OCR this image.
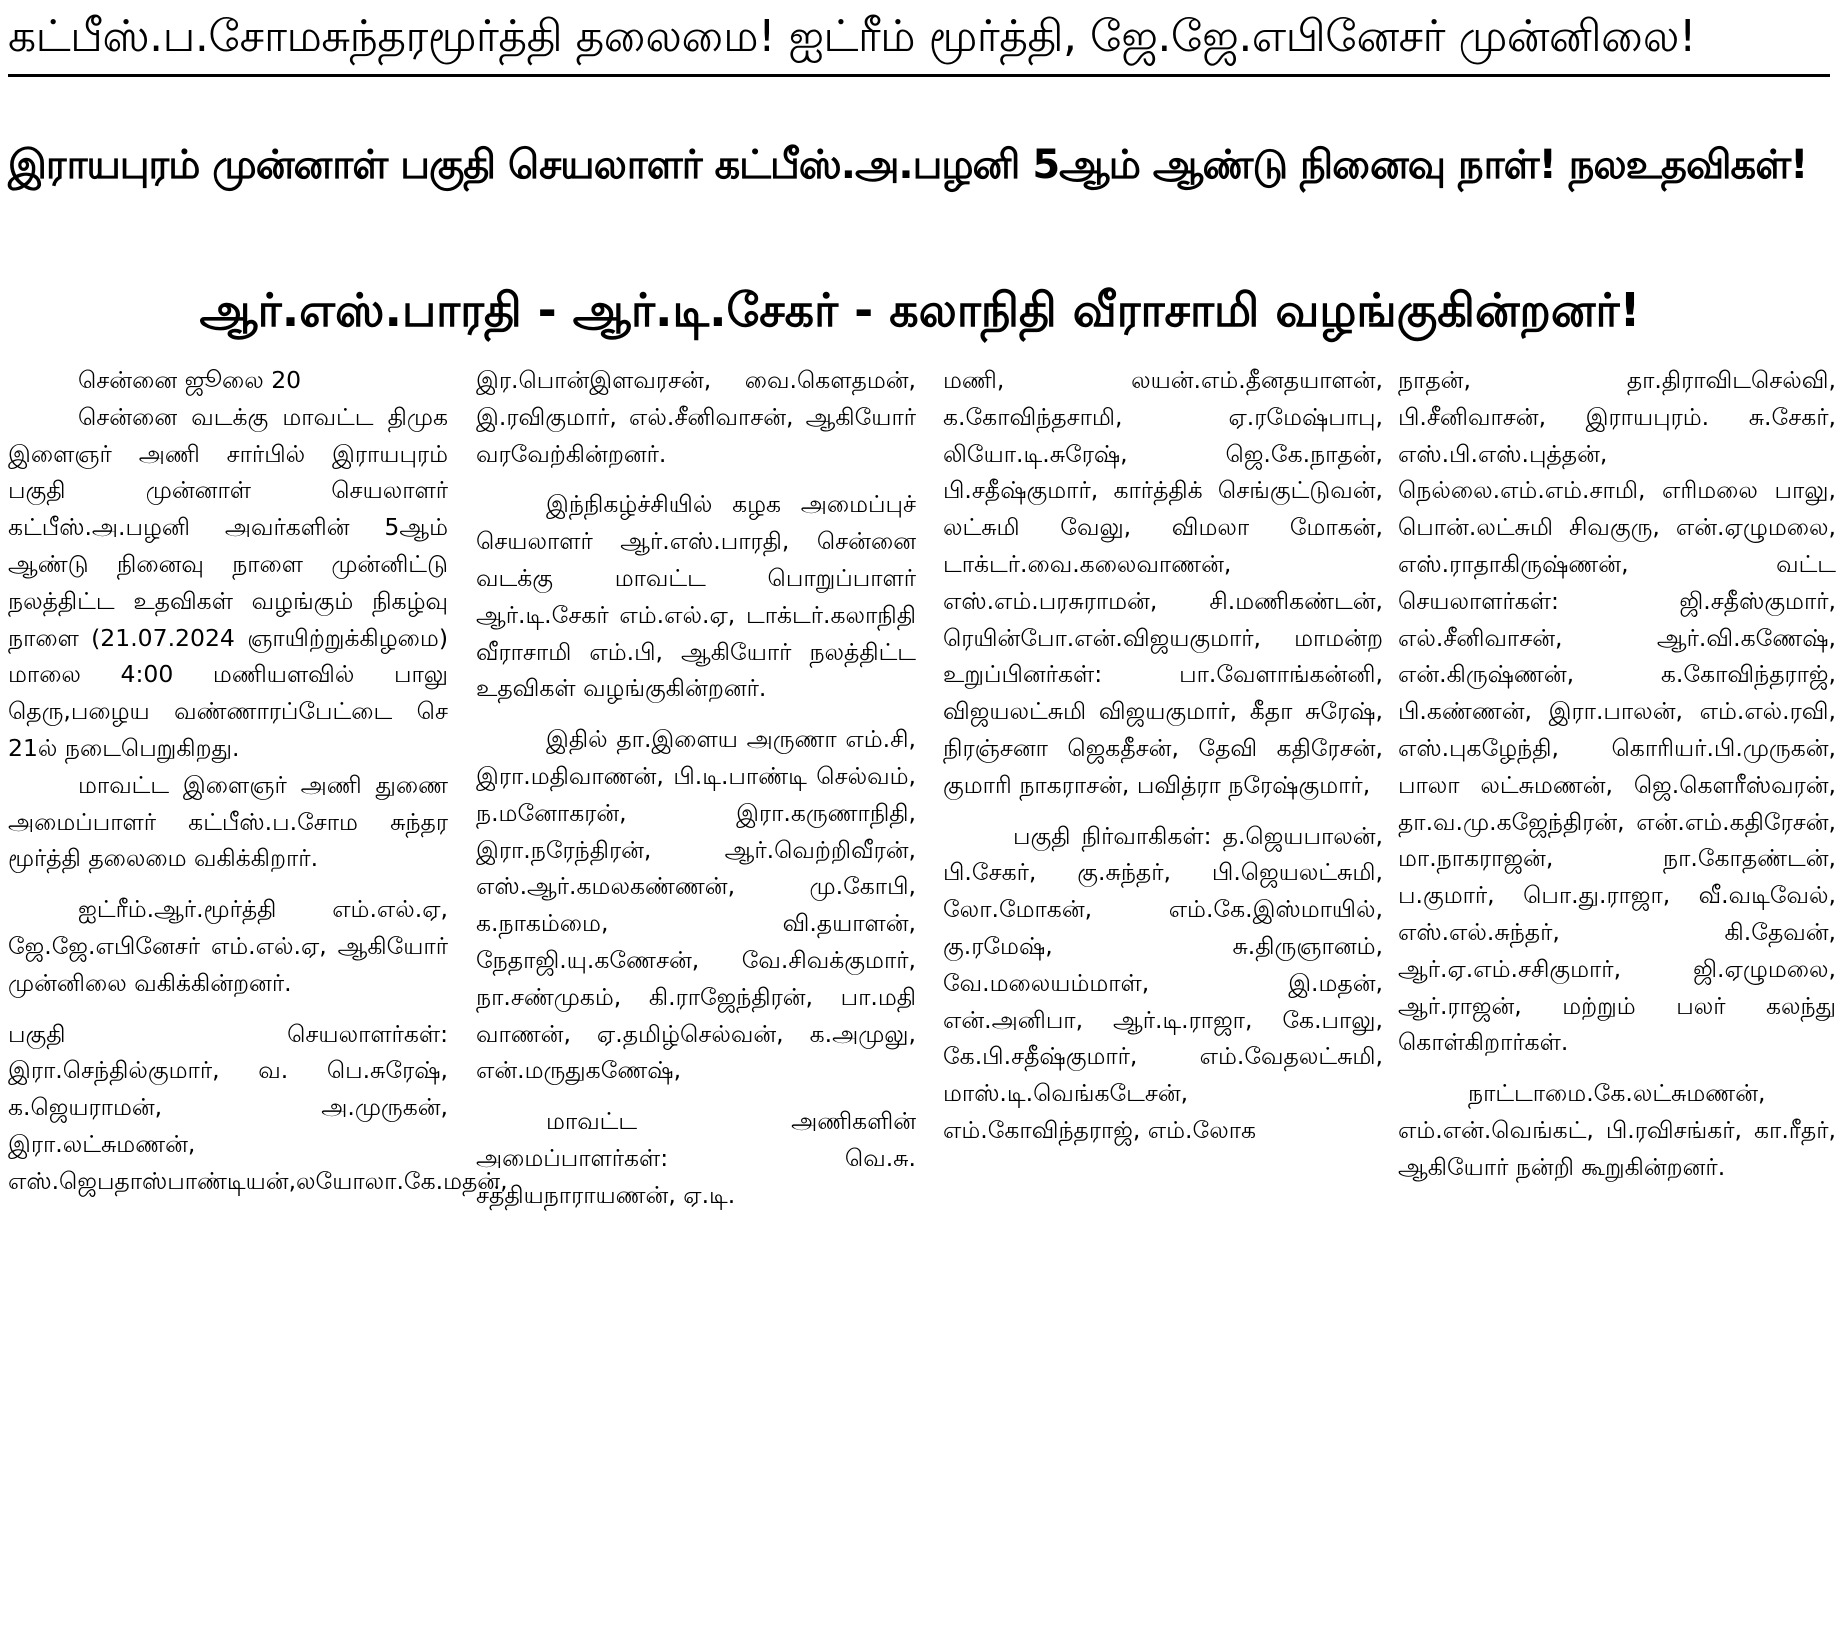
கட்பீஸ்.ப.சோமசுந்தரமூர்த்தி தலைமை! ஐட்ரீம் மூர்த்தி, ஜே.ஜே.எபினேசர் முன்னிலை!
இராயபுரம் முன்னாள் பகுதி செயலாளர் கட்பீஸ்.அ.பழனி 5ஆம் ஆண்டு நினைவு நாள்! நலஉதவிகள்!
ஆர்.எஸ்.பாரதி - ஆர்.டி.சேகர் - கலாநிதி வீராசாமி வழங்குகின்றனர்!

சென்னை ஜூலை 20

சென்னை வடக்கு மாவட்ட திமுக இளைஞர் அணி சார்பில் இராயபுரம் பகுதி முன்னாள் செயலாளர் கட்பீஸ்.அ.பழனி அவர்களின் 5ஆம் ஆண்டு நினைவு நாளை முன்னிட்டு நலத்திட்ட உதவிகள் வழங்கும் நிகழ்வு நாளை (21.07.2024 ஞாயிற்றுக்கிழமை) மாலை 4:00 மணியளவில் பாலு தெரு,பழைய வண்ணாரப்பேட்டை செ 21ல் நடைபெறுகிறது.

மாவட்ட இளைஞர் அணி துணை அமைப்பாளர் கட்பீஸ்.ப.சோம சுந்தர மூர்த்தி தலைமை வகிக்கிறார்.

ஐட்ரீம்.ஆர்.மூர்த்தி எம்.எல்.ஏ, ஜே.ஜே.எபினேசர் எம்.எல்.ஏ, ஆகியோர் முன்னிலை வகிக்கின்றனர்.

பகுதி செயலாளர்கள்: இரா.செந்தில்குமார், வ. பெ.சுரேஷ், க.ஜெயராமன், அ.முருகன், இரா.லட்சுமணன், எஸ்.ஜெபதாஸ்பாண்டியன்,லயோலா.கே.மதன்,

இர.பொன்இளவரசன், வை.கௌதமன், இ.ரவிகுமார், எல்.சீனிவாசன், ஆகியோர் வரவேற்கின்றனர்.

இந்நிகழ்ச்சியில் கழக அமைப்புச் செயலாளர் ஆர்.எஸ்.பாரதி, சென்னை வடக்கு மாவட்ட பொறுப்பாளர் ஆர்.டி.சேகர் எம்.எல்.ஏ, டாக்டர்.கலாநிதி வீராசாமி எம்.பி, ஆகியோர் நலத்திட்ட உதவிகள் வழங்குகின்றனர்.

இதில் தா.இளைய அருணா எம்.சி, இரா.மதிவாணன், பி.டி.பாண்டி செல்வம், ந.மனோகரன், இரா.கருணாநிதி, இரா.நரேந்திரன், ஆர்.வெற்றிவீரன், எஸ்.ஆர்.கமலகண்ணன், மு.கோபி, க.நாகம்மை, வி.தயாளன், நேதாஜி.யு.கணேசன், வே.சிவக்குமார், நா.சண்முகம், கி.ராஜேந்திரன், பா.மதி வாணன், ஏ.தமிழ்செல்வன், க.அமுலு, என்.மருதுகணேஷ்,

மாவட்ட அணிகளின் அமைப்பாளர்கள்: வெ.சு. சத்தியநாராயணன், ஏ.டி.

மணி, லயன்.எம்.தீனதயாளன், க.கோவிந்தசாமி, ஏ.ரமேஷ்பாபு, லியோ.டி.சுரேஷ், ஜெ.கே.நாதன், பி.சதீஷ்குமார், கார்த்திக் செங்குட்டுவன், லட்சுமி வேலு, விமலா மோகன், டாக்டர்.வை.கலைவாணன், எஸ்.எம்.பரசுராமன், சி.மணிகண்டன், ரெயின்போ.என்.விஜயகுமார், மாமன்ற உறுப்பினர்கள்: பா.வேளாங்கன்னி, விஜயலட்சுமி விஜயகுமார், கீதா சுரேஷ், நிரஞ்சனா ஜெகதீசன், தேவி கதிரேசன், குமாரி நாகராசன், பவித்ரா நரேஷ்குமார்,

பகுதி நிர்வாகிகள்: த.ஜெயபாலன், பி.சேகர், கு.சுந்தர், பி.ஜெயலட்சுமி, லோ.மோகன், எம்.கே.இஸ்மாயில், கு.ரமேஷ், சு.திருஞானம், வே.மலையம்மாள், இ.மதன், என்.அனிபா, ஆர்.டி.ராஜா, கே.பாலு, கே.பி.சதீஷ்குமார், எம்.வேதலட்சுமி, மாஸ்.டி.வெங்கடேசன், எம்.கோவிந்தராஜ், எம்.லோக

நாதன், தா.திராவிடசெல்வி, பி.சீனிவாசன், இராயபுரம். சு.சேகர், எஸ்.பி.எஸ்.புத்தன், நெல்லை.எம்.எம்.சாமி, எரிமலை பாலு, பொன்.லட்சுமி சிவகுரு, என்.ஏழுமலை, எஸ்.ராதாகிருஷ்ணன், வட்ட செயலாளர்கள்: ஜி.சதீஸ்குமார், எல்.சீனிவாசன், ஆர்.வி.கணேஷ், என்.கிருஷ்ணன், க.கோவிந்தராஜ், பி.கண்ணன், இரா.பாலன், எம்.எல்.ரவி, எஸ்.புகழேந்தி, கொரியர்.பி.முருகன், பாலா லட்சுமணன், ஜெ.கௌரீஸ்வரன், தா.வ.மு.கஜேந்திரன், என்.எம்.கதிரேசன், மா.நாகராஜன், நா.கோதண்டன், ப.குமார், பொ.து.ராஜா, வீ.வடிவேல், எஸ்.எல்.சுந்தர், கி.தேவன், ஆர்.ஏ.எம்.சசிகுமார், ஜி.ஏழுமலை, ஆர்.ராஜன், மற்றும் பலர் கலந்து கொள்கிறார்கள்.

நாட்டாமை.கே.லட்சுமணன், எம்.என்.வெங்கட், பி.ரவிசங்கர், கா.ரீதர், ஆகியோர் நன்றி கூறுகின்றனர்.
